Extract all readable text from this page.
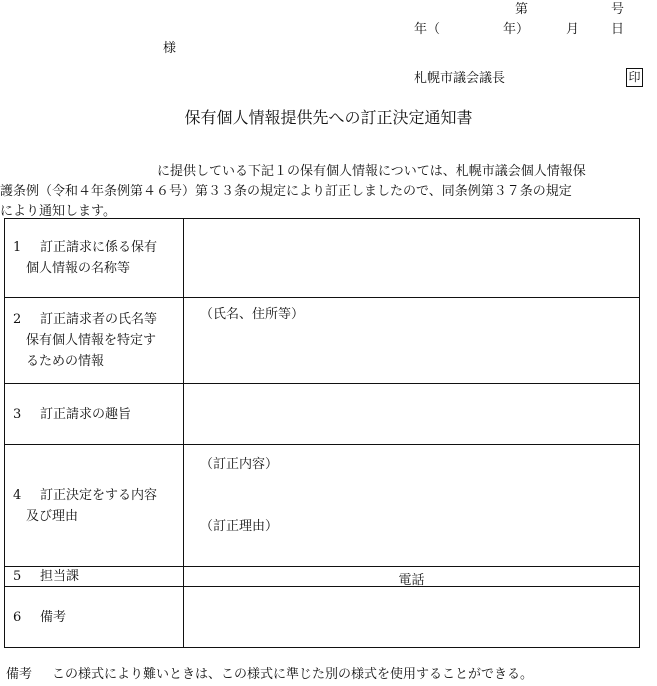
第	号
年（	年）	月 日
様
札幌市議会議長	印
保有個人情報提供先への訂正決定通知書
に提供している下記１の保有個人情報については、札幌市議会個人情報保
護条例（令和４年条例第４６号）第３３条の規定により訂正しましたので、同条例第３７条の規定
により通知します。
1 訂正請求に係る保有
個人情報の名称等	

2 訂正請求者の氏名等
保有個人情報を特定す
るための情報	（氏名、住所等）

3 訂正請求の趣旨	
4 訂正決定をする内容
及び理由	（訂正内容）
（訂正理由）

5 担当課	電話

6 備考	
備考 この様式により難いときは、この様式に準じた別の様式を使用することができる。
